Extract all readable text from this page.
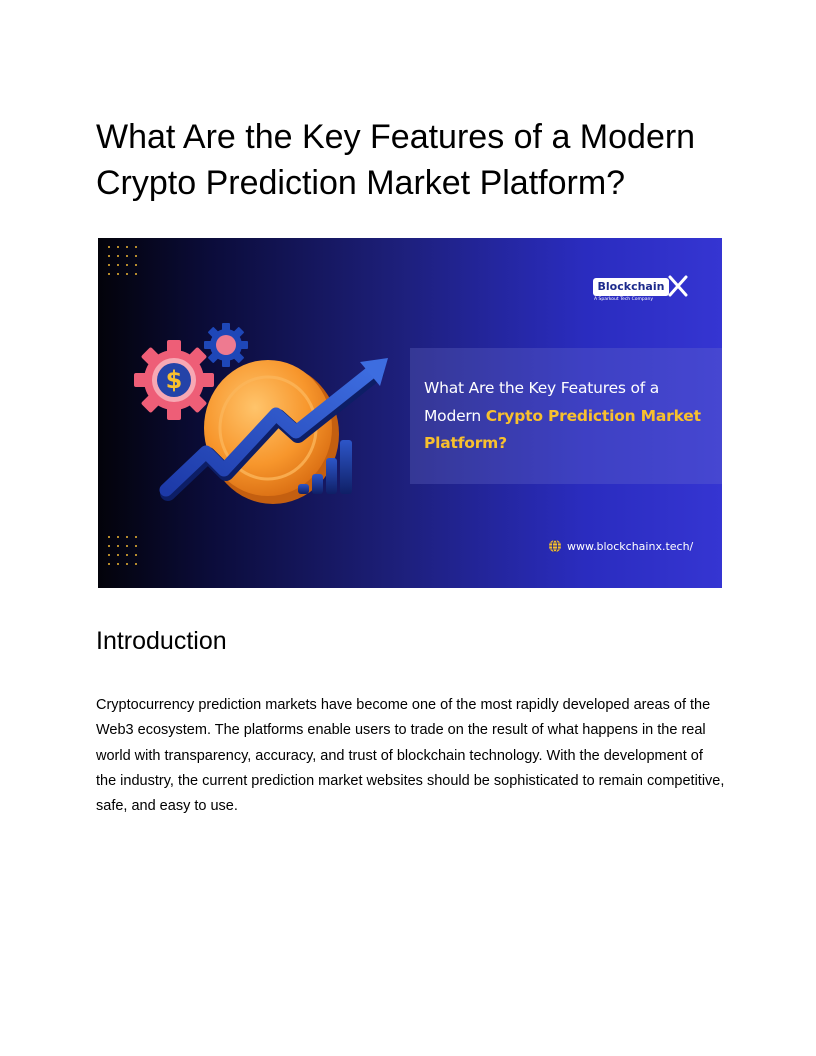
What Are the Key Features of a Modern Crypto Prediction Market Platform?
$
Blockchain
A Sparkout Tech Company
What Are the Key Features of a Modern Crypto Prediction Market Platform?
www.blockchainx.tech/
Introduction

Cryptocurrency prediction markets have become one of the most rapidly developed areas of the Web3 ecosystem. The platforms enable users to trade on the result of what happens in the real world with transparency, accuracy, and trust of blockchain technology. With the development of the industry, the current prediction market websites should be sophisticated to remain competitive, safe, and easy to use.
